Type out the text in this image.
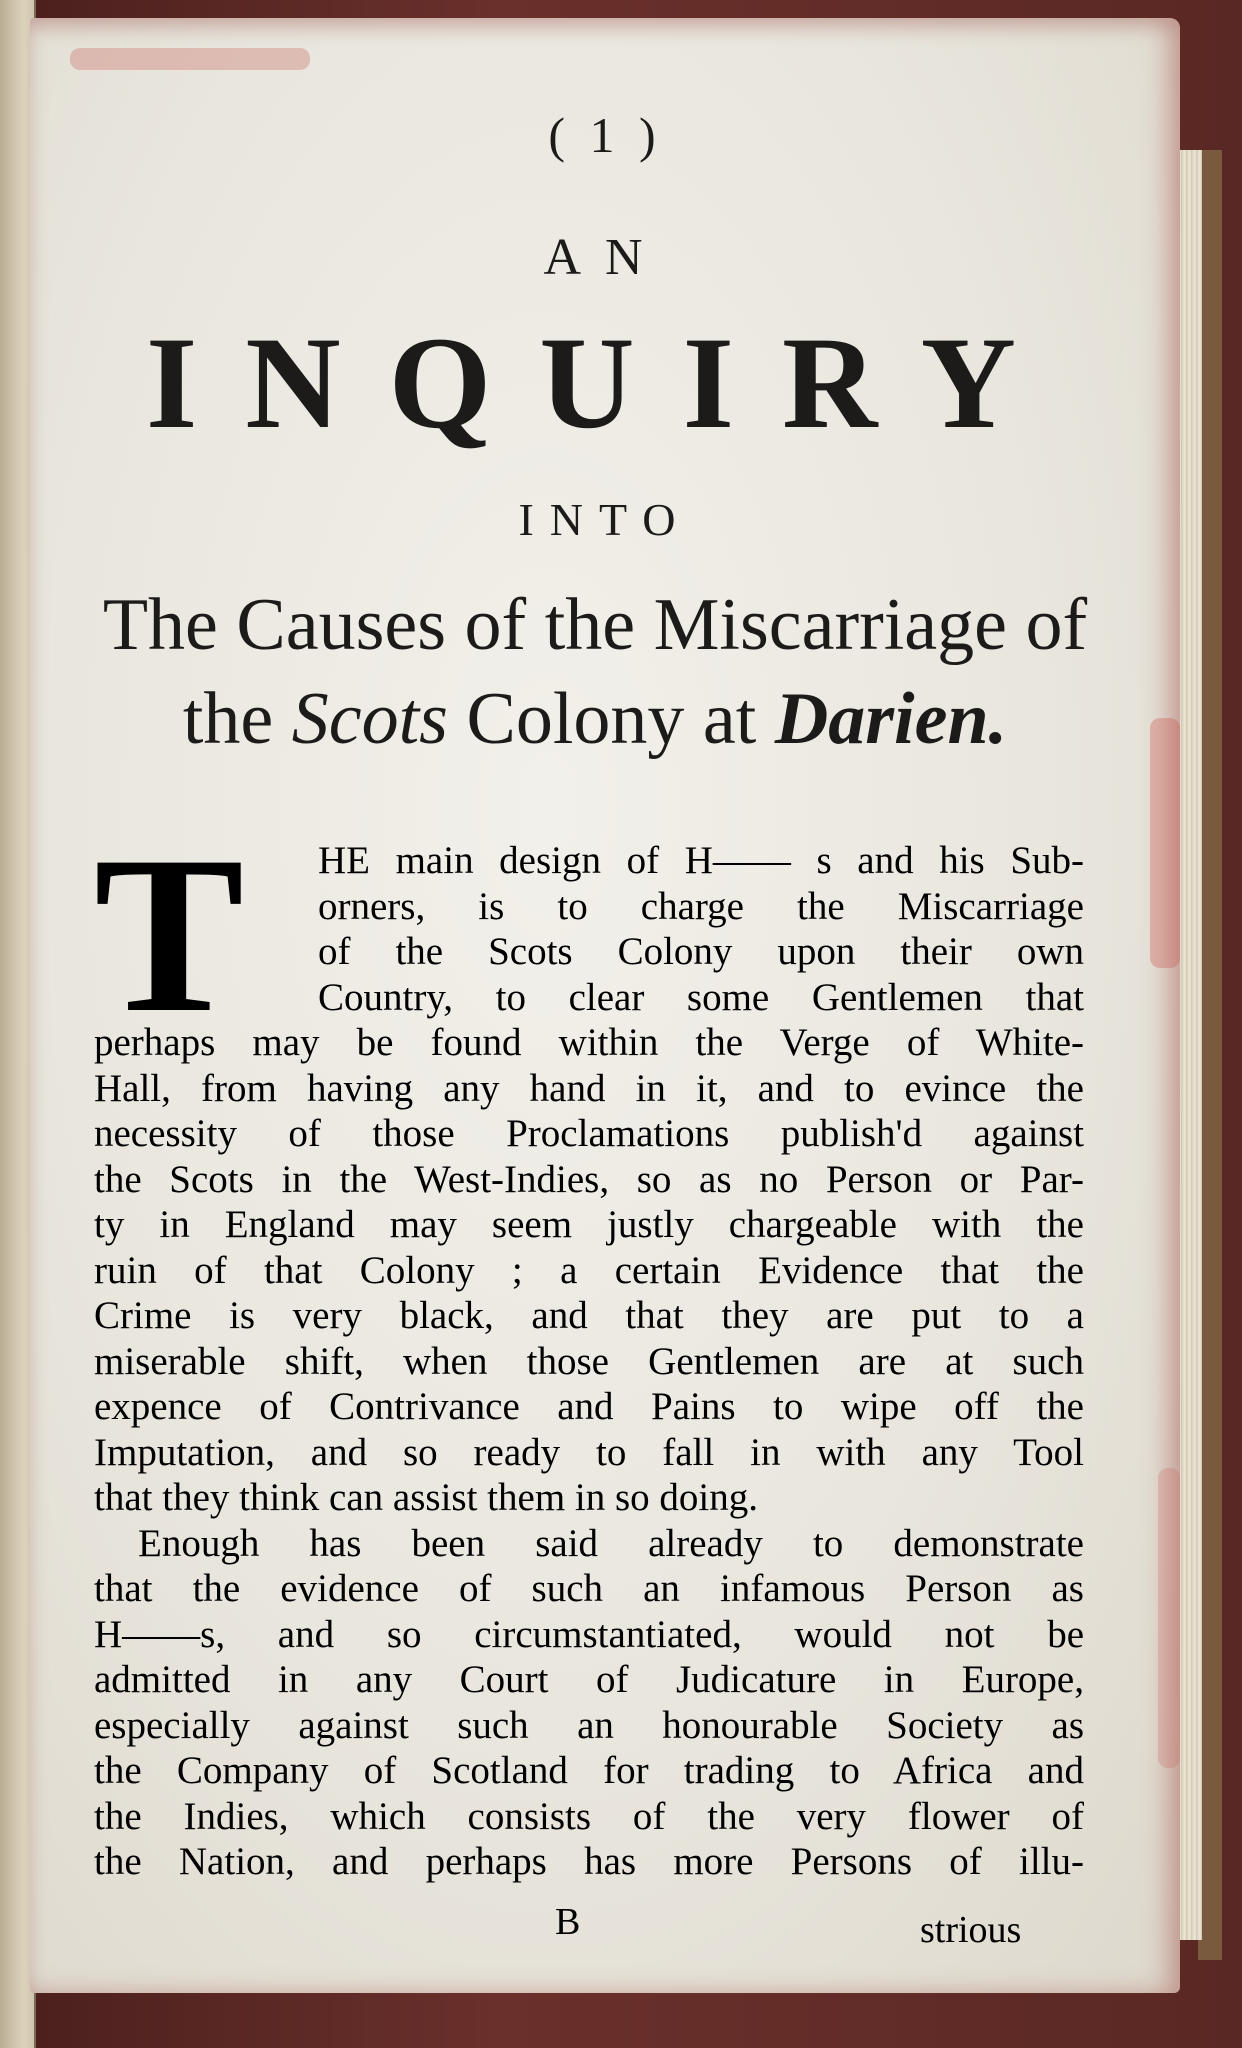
( 1 )
AN
INQUIRY
INTO
The Causes of the Miscarriage of
the Scots Colony at Darien.
T	HE main design of H—— s and his Sub-
orners, is to charge the Miscarriage
of the Scots Colony upon their own
Country, to clear some Gentlemen that
perhaps may be found within the Verge of White-
Hall, from having any hand in it, and to evince the
necessity of those Proclamations publish'd against
the Scots in the West-Indies, so as no Person or Par-
ty in England may seem justly chargeable with the
ruin of that Colony ; a certain Evidence that the
Crime is very black, and that they are put to a
miserable shift, when those Gentlemen are at such
expence of Contrivance and Pains to wipe off the
Imputation, and so ready to fall in with any Tool
that they think can assist them in so doing.
Enough has been said already to demonstrate
that the evidence of such an infamous Person as
H——s, and so circumstantiated, would not be
admitted in any Court of Judicature in Europe,
especially against such an honourable Society as
the Company of Scotland for trading to Africa and
the Indies, which consists of the very flower of
the Nation, and perhaps has more Persons of illu-
B	strious
